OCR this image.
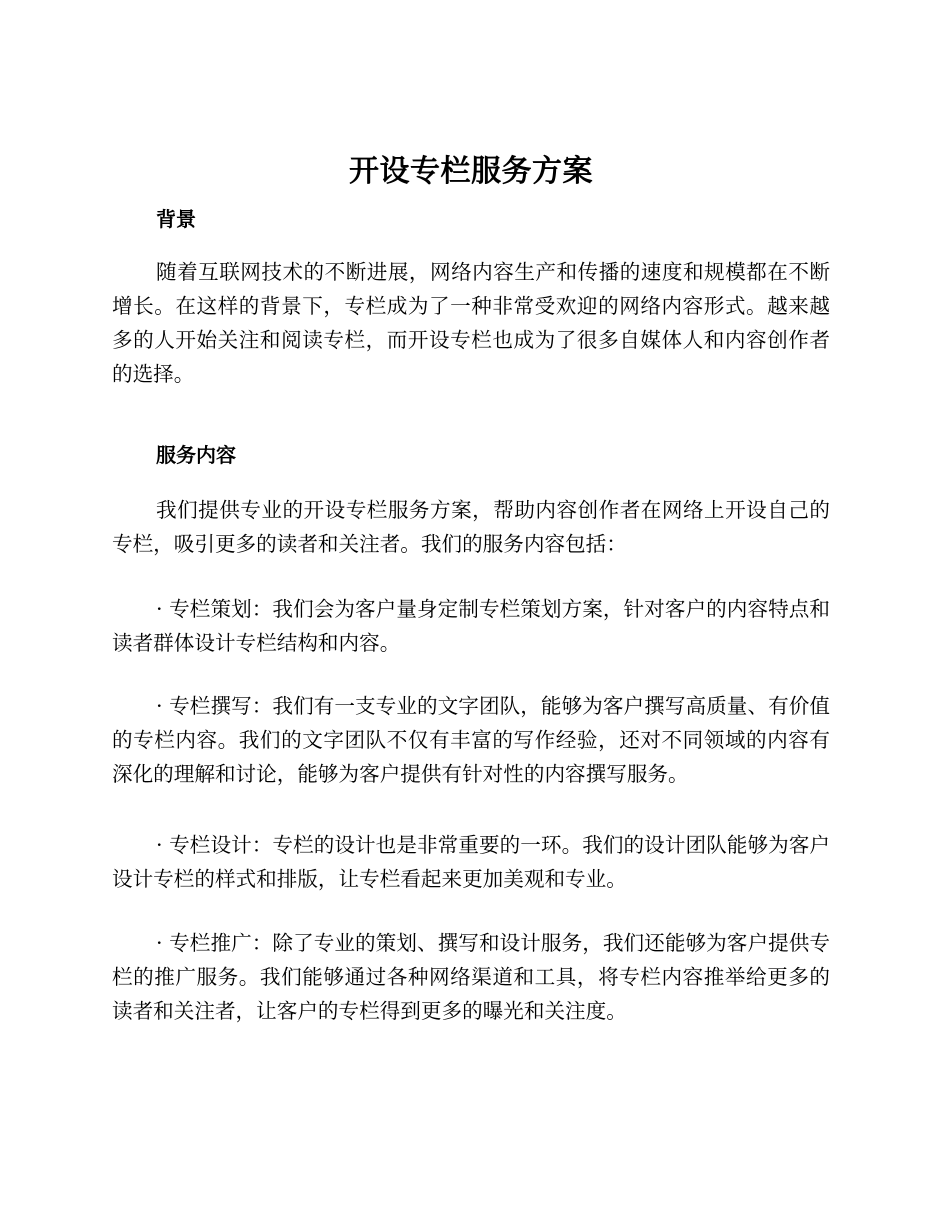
开设专栏服务方案
背景

随着互联网技术的不断进展，网络内容生产和传播的速度和规模都在不断增长。在这样的背景下，专栏成为了一种非常受欢迎的网络内容形式。越来越多的人开始关注和阅读专栏，而开设专栏也成为了很多自媒体人和内容创作者的选择。

服务内容

我们提供专业的开设专栏服务方案，帮助内容创作者在网络上开设自己的专栏，吸引更多的读者和关注者。我们的服务内容包括：

· 专栏策划：我们会为客户量身定制专栏策划方案，针对客户的内容特点和读者群体设计专栏结构和内容。

· 专栏撰写：我们有一支专业的文字团队，能够为客户撰写高质量、有价值的专栏内容。我们的文字团队不仅有丰富的写作经验，还对不同领域的内容有深化的理解和讨论，能够为客户提供有针对性的内容撰写服务。

· 专栏设计：专栏的设计也是非常重要的一环。我们的设计团队能够为客户设计专栏的样式和排版，让专栏看起来更加美观和专业。

· 专栏推广：除了专业的策划、撰写和设计服务，我们还能够为客户提供专栏的推广服务。我们能够通过各种网络渠道和工具，将专栏内容推举给更多的读者和关注者，让客户的专栏得到更多的曝光和关注度。
